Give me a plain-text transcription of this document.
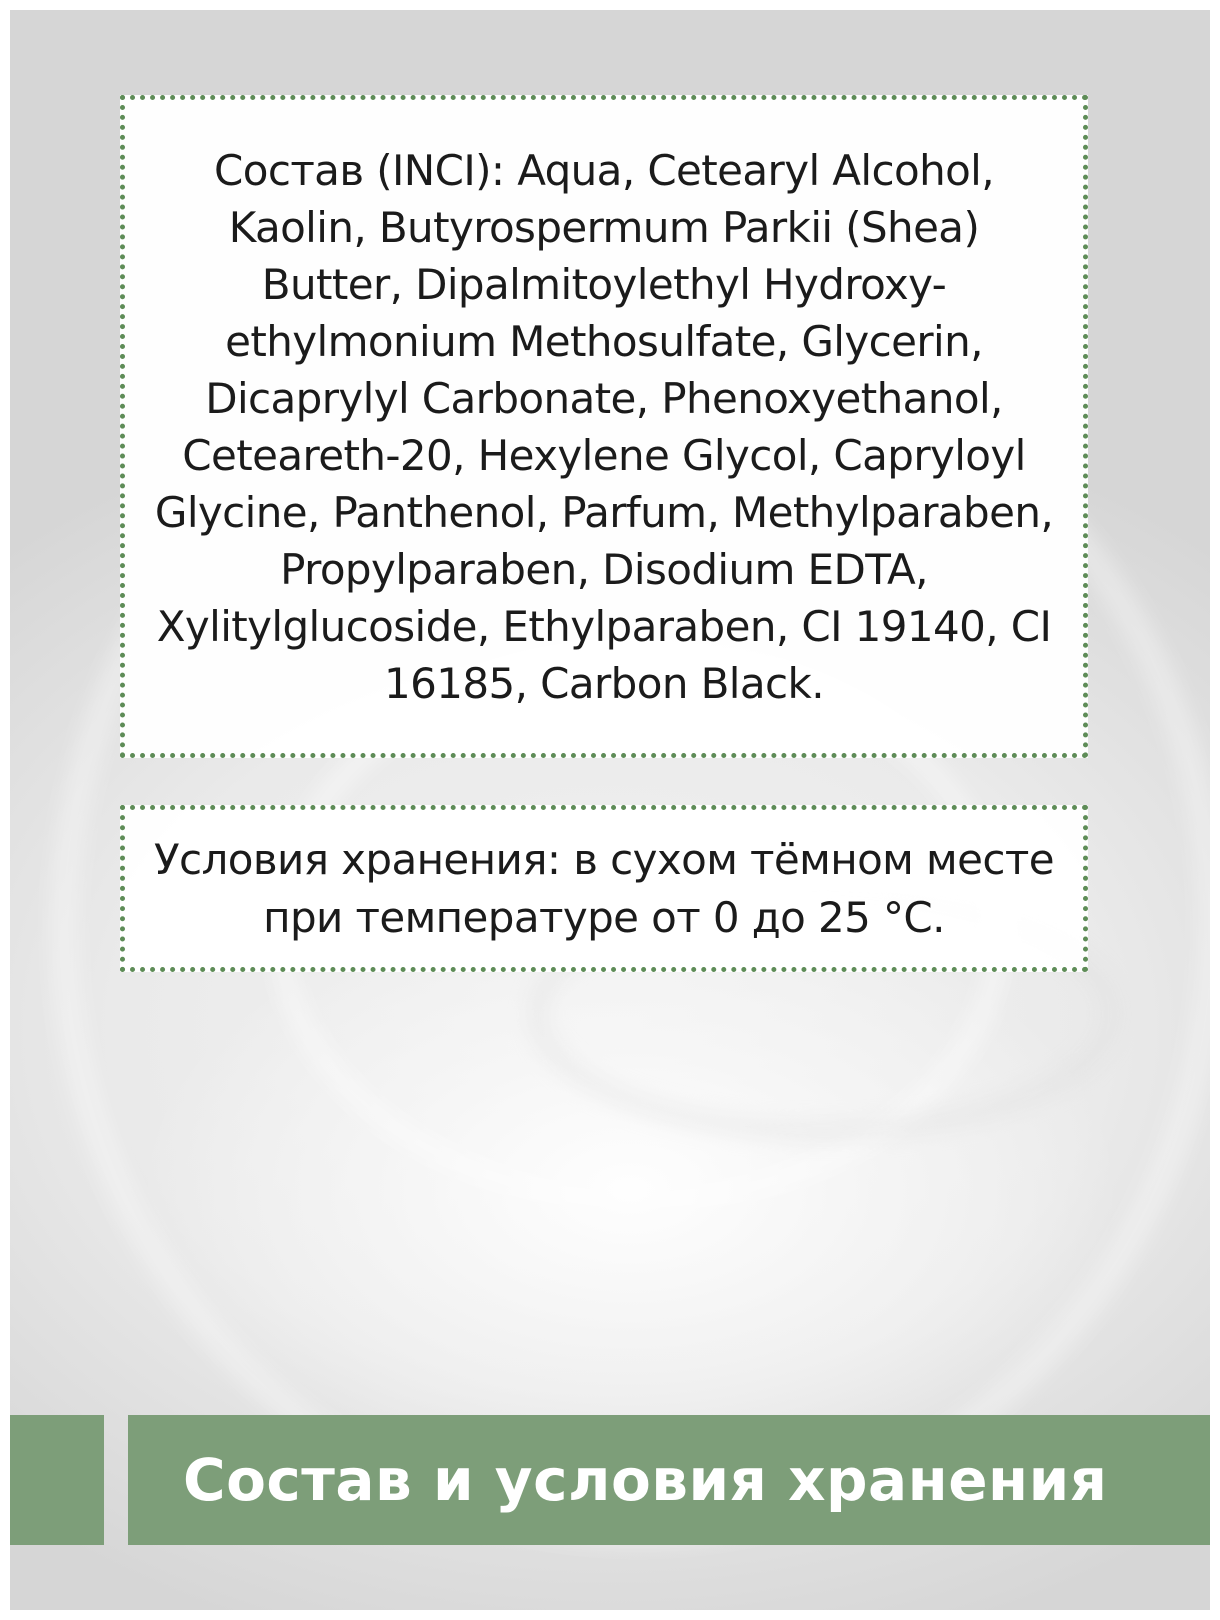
Состав (INCI): Aqua, Cetearyl Alcohol, Kaolin, Butyrospermum Parkii (Shea) Butter, Dipalmitoylethyl Hydroxy-ethylmonium Methosulfate, Glycerin, Dicaprylyl Carbonate, Phenoxyethanol, Ceteareth-20, Hexylene Glycol, Capryloyl Glycine, Panthenol, Parfum, Methylparaben, Propylparaben, Disodium EDTA, Xylitylglucoside, Ethylparaben, CI 19140, CI 16185, Carbon Black.
Условия хранения: в сухом тёмном месте при температуре от 0 до 25 °С.
Состав и условия хранения
